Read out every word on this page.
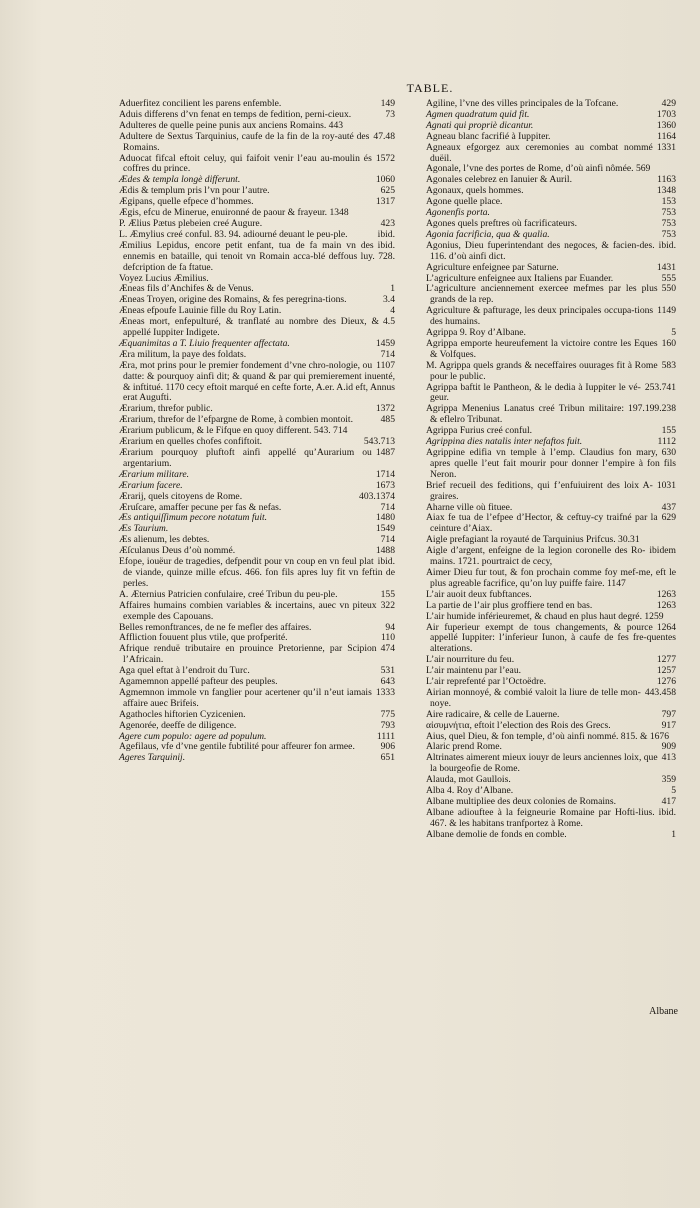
TABLE.
149
Aduerfitez concilient les parens enfemble.
73
Aduis differens d’vn fenat en temps de fedition, perni-cieux.
Adulteres de quelle peine punis aux anciens Romains. 443
47.48
Adultere de Sextus Tarquinius, caufe de la fin de la roy-auté des Romains.
1572
Aduocat fifcal eftoit celuy, qui faifoit venir l’eau au-moulin és coffres du prince.
1060
Ædes & templa longè differunt.
625
Ædis & templum pris l’vn pour l’autre.
1317
Ægipans, quelle efpece d’hommes.
Ægis, efcu de Minerue, enuironné de paour & frayeur. 1348
423
P. Ælius Pætus plebeien creé Augure.
ibid.
L. Æmylius creé conful. 83. 94. adiourné deuant le peu-ple.
ibid.
Æmilius Lepidus, encore petit enfant, tua de fa main vn des ennemis en bataille, qui tenoit vn Romain acca-blé deffous luy. 728. defcription de fa ftatue.
Voyez Lucius Æmilius.
1
Æneas fils d’Anchifes & de Venus.
3.4
Æneas Troyen, origine des Romains, & fes peregrina-tions.
4
Æneas efpoufe Lauinie fille du Roy Latin.
4.5
Æneas mort, enfepulturé, & tranflaté au nombre des Dieux, & appellé Iuppiter Indigete.
1459
Æquanimitas a T. Liuio frequenter affectata.
714
Æra militum, la paye des foldats.
1107
Æra, mot prins pour le premier fondement d’vne chro-nologie, ou datte: & pourquoy ainfi dit; & quand & par qui premierement inuenté, & inftitué. 1170 cecy eftoit marqué en cefte forte, A.er. A.id eft, Annus erat Augufti.
1372
Ærarium, threfor public.
485
Ærarium, threfor de l’efpargne de Rome, à combien montoit.
Ærarium publicum, & le Fifque en quoy different. 543. 714
543.713
Ærarium en quelles chofes confiftoit.
1487
Ærarium pourquoy pluftoft ainfi appellé qu’Aurarium ou argentarium.
1714
Ærarium militare.
1673
Ærarium facere.
403.1374
Ærarij, quels citoyens de Rome.
714
Æruſcare, amaffer pecune per fas & nefas.
1480
Æs antiquiſſimum pecore notatum fuit.
1549
Æs Taurium.
714
Æs alienum, les debtes.
1488
Æſculanus Deus d’où nommé.
ibid.
Efope, iouëur de tragedies, defpendit pour vn coup en vn feul plat de viande, quinze mille efcus. 466. fon fils apres luy fit vn feftin de perles.
155
A. Æternius Patricien confulaire, creé Tribun du peu-ple.
322
Affaires humains combien variables & incertains, auec vn piteux exemple des Capouans.
94
Belles remonftrances, de ne fe mefler des affaires.
110
Affliction fouuent plus vtile, que profperité.
474
Afrique renduë tributaire en prouince Pretorienne, par Scipion l’Africain.
531
Aga quel eftat à l’endroit du Turc.
643
Agamemnon appellé pafteur des peuples.
1333
Agmemnon immole vn fanglier pour acertener qu’il n’eut iamais affaire auec Brifeis.
775
Agathocles hiftorien Cyzicenien.
793
Agenorée, deeffe de diligence.
1111
Agere cum populo: agere ad populum.
906
Agefilaus, vfe d’vne gentile fubtilité pour affeurer fon armee.
651
Ageres Tarquinij.
429
Agiline, l’vne des villes principales de la Tofcane.
1703
Agmen quadratum quid fit.
1360
Agnati qui propriè dicantur.
1164
Agneau blanc facrifié à Iuppiter.
1331
Agneaux efgorgez aux ceremonies au combat nommé duëil.
Agonale, l’vne des portes de Rome, d’où ainfi nômée. 569
1163
Agonales celebrez en Ianuier & Auril.
1348
Agonaux, quels hommes.
153
Agone quelle place.
753
Agonenfis porta.
753
Agones quels preftres où facrificateurs.
753
Agonia facrificia, qua & qualia.
ibid.
Agonius, Dieu fuperintendant des negoces, & facien-des. 116. d’où ainfi dict.
1431
Agriculture enfeignee par Saturne.
555
L’agriculture enfeignee aux Italiens par Euander.
550
L’agriculture anciennement exercee mefmes par les plus grands de la rep.
1149
Agriculture & pafturage, les deux principales occupa-tions des humains.
5
Agrippa 9. Roy d’Albane.
160
Agrippa emporte heureufement la victoire contre les Eques & Volfques.
583
M. Agrippa quels grands & neceffaires ouurages fit à Rome pour le public.
253.741
Agrippa baftit le Pantheon, & le dedia à Iuppiter le vé-geur.
197.199.238
Agrippa Menenius Lanatus creé Tribun militaire: & eflelro Tribunat.
155
Agrippa Furius creé conful.
1112
Agrippina dies natalis inter nefaftos fuit.
630
Agrippine edifia vn temple à l’emp. Claudius fon mary, apres quelle l’eut fait mourir pour donner l’empire à fon fils Neron.
1031
Brief recueil des feditions, qui f’enfuiuirent des loix A-graires.
437
Aharne ville où fituee.
629
Aiax fe tua de l’efpee d’Hector, & ceftuy-cy traifné par la ceinture d’Aiax.
Aigle prefagiant la royauté de Tarquinius Prifcus. 30.31
ibidem
Aigle d’argent, enfeigne de la legion coronelle des Ro-mains. 1721. pourtraict de cecy,
Aimer Dieu fur tout, & fon prochain comme foy mef-me, eft le plus agreable facrifice, qu’on luy puiffe faire. 1147
1263
L’air auoit deux fubftances.
1263
La partie de l’air plus groffiere tend en bas.
L’air humide inférieuremet, & chaud en plus haut degré. 1259
1264
Air fuperieur exempt de tous changements, & pource appellé Iuppiter: l’inferieur Iunon, à caufe de fes fre-quentes alterations.
1277
L’air nourriture du feu.
1257
L’air maintenu par l’eau.
1276
L’air reprefenté par l’Octoëdre.
443.458
Airian monnoyé, & combié valoit la liure de telle mon-noye.
797
Aire radicaire, & celle de Lauerne.
917
αἰσυμνήτια, eftoit l’election des Rois des Grecs.
Aius, quel Dieu, & fon temple, d’où ainfi nommé. 815. & 1676
909
Alaric prend Rome.
413
Altrinates aimerent mieux iouyr de leurs anciennes loix, que la bourgeofie de Rome.
359
Alauda, mot Gaullois.
5
Alba 4. Roy d’Albane.
417
Albane multipliee des deux colonies de Romains.
ibid.
Albane adiouftee à la feigneurie Romaine par Hofti-lius. 467. & les habitans tranfportez à Rome.
1
Albane demolie de fonds en comble.
Albane
